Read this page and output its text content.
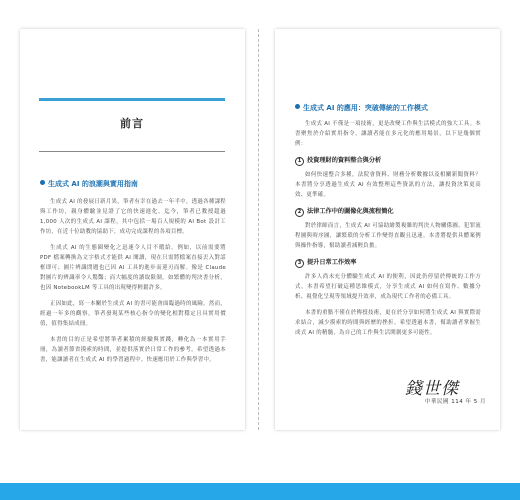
前言
生成式 AI 的浪潮與實用指南

生成式 AI 的發展日新月異，筆者有幸在過去一年半中，透過各種課程與工作坊，親身體驗並見證了它的快速進化。迄今，筆者已教授超過 1,000 人次的生成式 AI 課程，其中包括一場百人規模的 AI Bot 設計工作坊，在近十位助教的協助下，成功完成課程的各項目標。

生成式 AI 的生態圈變化之迅速令人目不暇給。例如，以前需要將 PDF 檔案轉換為文字格式才能供 AI 閱讀，現在只需將檔案直接丟入對話框即可；圖片辨識問題也已因 AI 工具的進步而迎刃而解。像是 Claude 對圖片的辨識率令人驚豔；而大幅度的讀取限制，如繁體的判決書分析，也因 NotebookLM 等工具的出現變得輕鬆許多。

正因如此，寫一本關於生成式 AI 的書可能會面臨過時的風險。然而，經過一年多的觀察，筆者發現某些核心指令的變化相對穩定且具實用價值，值得集結成冊。

本書的目的正是希望將筆者累積的經驗與實踐，轉化為一本實用手冊，為讀者節省摸索的時間，並提供落實於日常工作的參考。希望透過本書，能讓讀者在生成式 AI 的學習過程中，快速應用於工作與學習中。

生成式 AI 的應用：突破傳統的工作模式

生成式 AI 不僅是一項技術，更是改變工作與生活模式的強大工具。本書聚焦於介紹實用指令，讓讀者能在多元化的應用場景，以下是幾個實例：

1 投資理財的資料整合與分析

如何快速整合多種，法院會資料、財務分析數據以及相關新聞資料？本書將分享透過生成式 AI 有效整理這些資訊的方法，讓投資決策更高效、更準確。

2 法律工作中的圖像化與流程簡化

對於律師而言，生成式 AI 可協助繪製複雜的判決人物關係圖、犯罪流程圖與時序圖，讓繁瑣的分析工作變得直觀且迅速。本書將提供具體案例與操作指導，幫助讀者減輕負擔。

3 提升日常工作效率

許多人尚未充分體驗生成式 AI 的便利，因此仍停留於傳統的工作方式。本書希望打破這種思維模式，分享生成式 AI 如何在寫作、數據分析、視覺化呈現等領域提升效率，成為現代工作者的必備工具。

本書的重點不僅在於傳授技術，更在於分享如何將生成式 AI 與實際需求結合，減少摸索的時間與經歷的挫折。希望透過本書，幫助讀者掌握生成式 AI 的精髓，為自己的工作與生活開創更多可能性。

錢世傑
中華民國 114 年 5 月
